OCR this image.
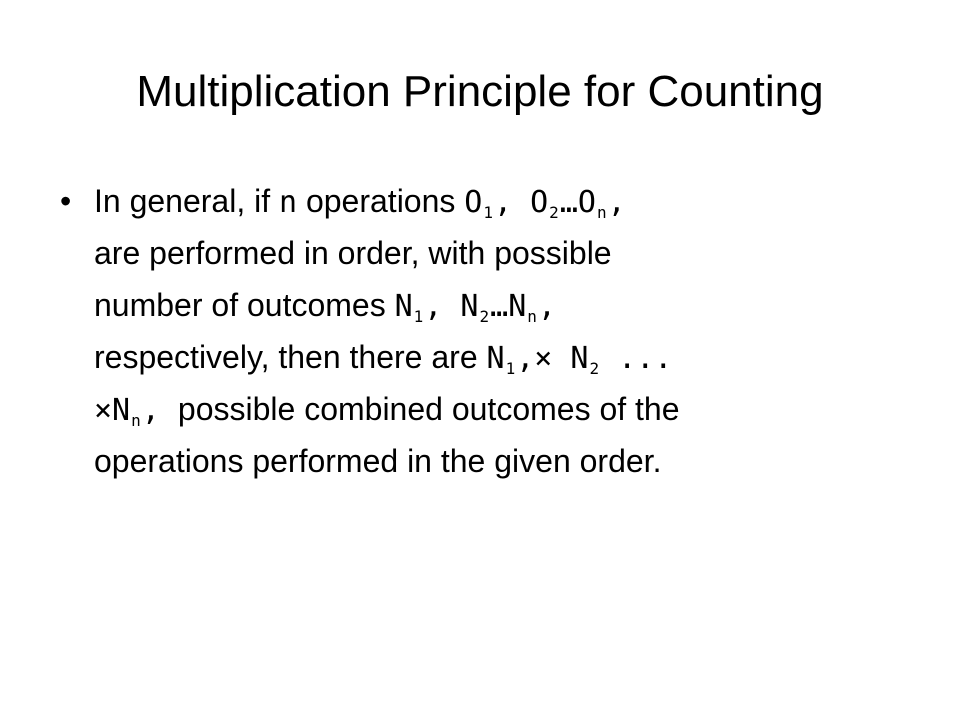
Multiplication Principle for Counting
• In general, if n operations $O_1$, $O_2\dots O_n$,
are performed in order, with possible
number of outcomes $N_1$, $N_2\dots N_n$,
respectively, then there are $N_1,\times N_2$ ...
$\times N_n$, possible combined outcomes of the
operations performed in the given order.
